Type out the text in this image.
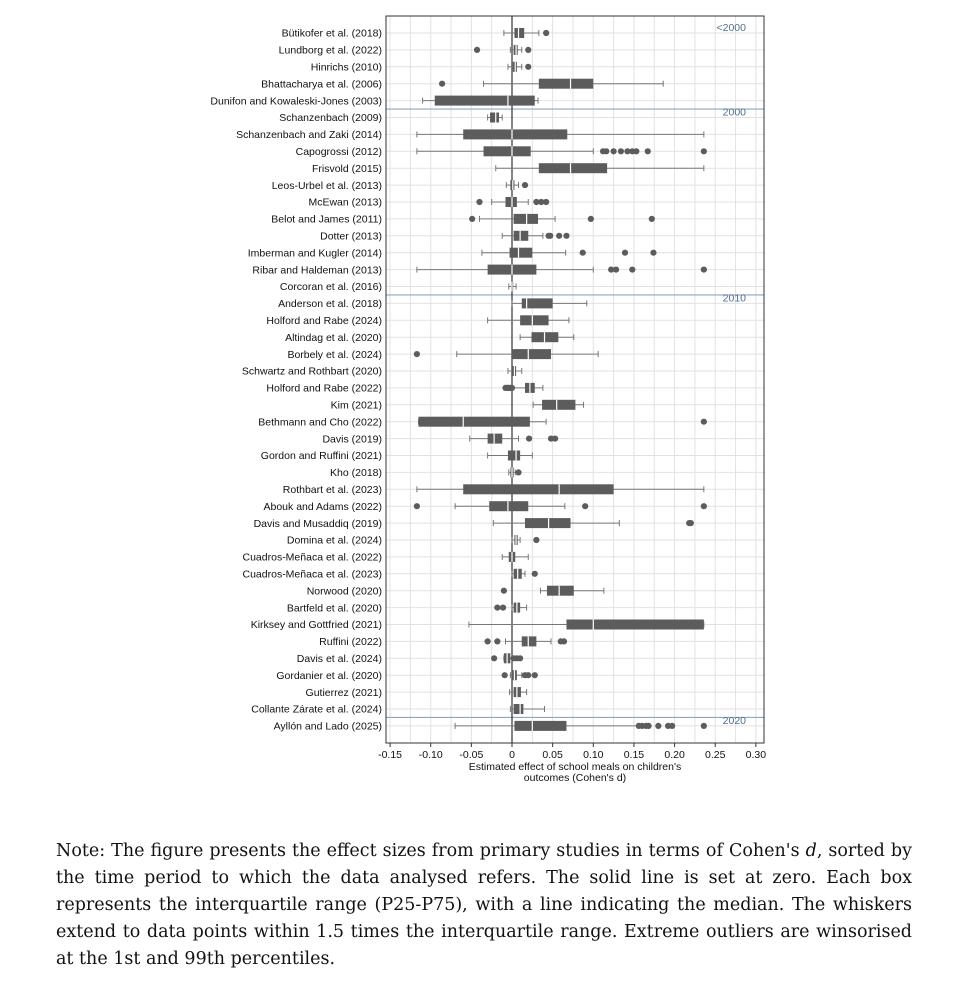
Bütikofer et al. (2018)
Lundborg et al. (2022)
Hinrichs (2010)
Bhattacharya et al. (2006)
Dunifon and Kowaleski-Jones (2003)
Schanzenbach (2009)
Schanzenbach and Zaki (2014)
Capogrossi (2012)
Frisvold (2015)
Leos-Urbel et al. (2013)
McEwan (2013)
Belot and James (2011)
Dotter (2013)
Imberman and Kugler (2014)
Ribar and Haldeman (2013)
Corcoran et al. (2016)
Anderson et al. (2018)
Holford and Rabe (2024)
Altindag et al. (2020)
Borbely et al. (2024)
Schwartz and Rothbart (2020)
Holford and Rabe (2022)
Kim (2021)
Bethmann and Cho (2022)
Davis (2019)
Gordon and Ruffini (2021)
Kho (2018)
Rothbart et al. (2023)
Abouk and Adams (2022)
Davis and Musaddiq (2019)
Domina et al. (2024)
Cuadros-Meñaca et al. (2022)
Cuadros-Meñaca et al. (2023)
Norwood (2020)
Bartfeld et al. (2020)
Kirksey and Gottfried (2021)
Ruffini (2022)
Davis et al. (2024)
Gordanier et al. (2020)
Gutierrez (2021)
Collante Zárate et al. (2024)
Ayllón and Lado (2025)
<2000
2000
2010
2020
-0.15 -0.10 -0.05 0	0.05 0.10 0.15 0.20 0.25 0.30
Estimated effect of school meals on children's
outcomes (Cohen's d)

Note: The figure presents the effect sizes from primary studies in terms of Cohen's d, sorted by the time period to which the data analysed refers. The solid line is set at zero. Each box represents the interquartile range (P25-P75), with a line indicating the median. The whiskers extend to data points within 1.5 times the interquartile range. Extreme outliers are winsorised at the 1st and 99th percentiles.
